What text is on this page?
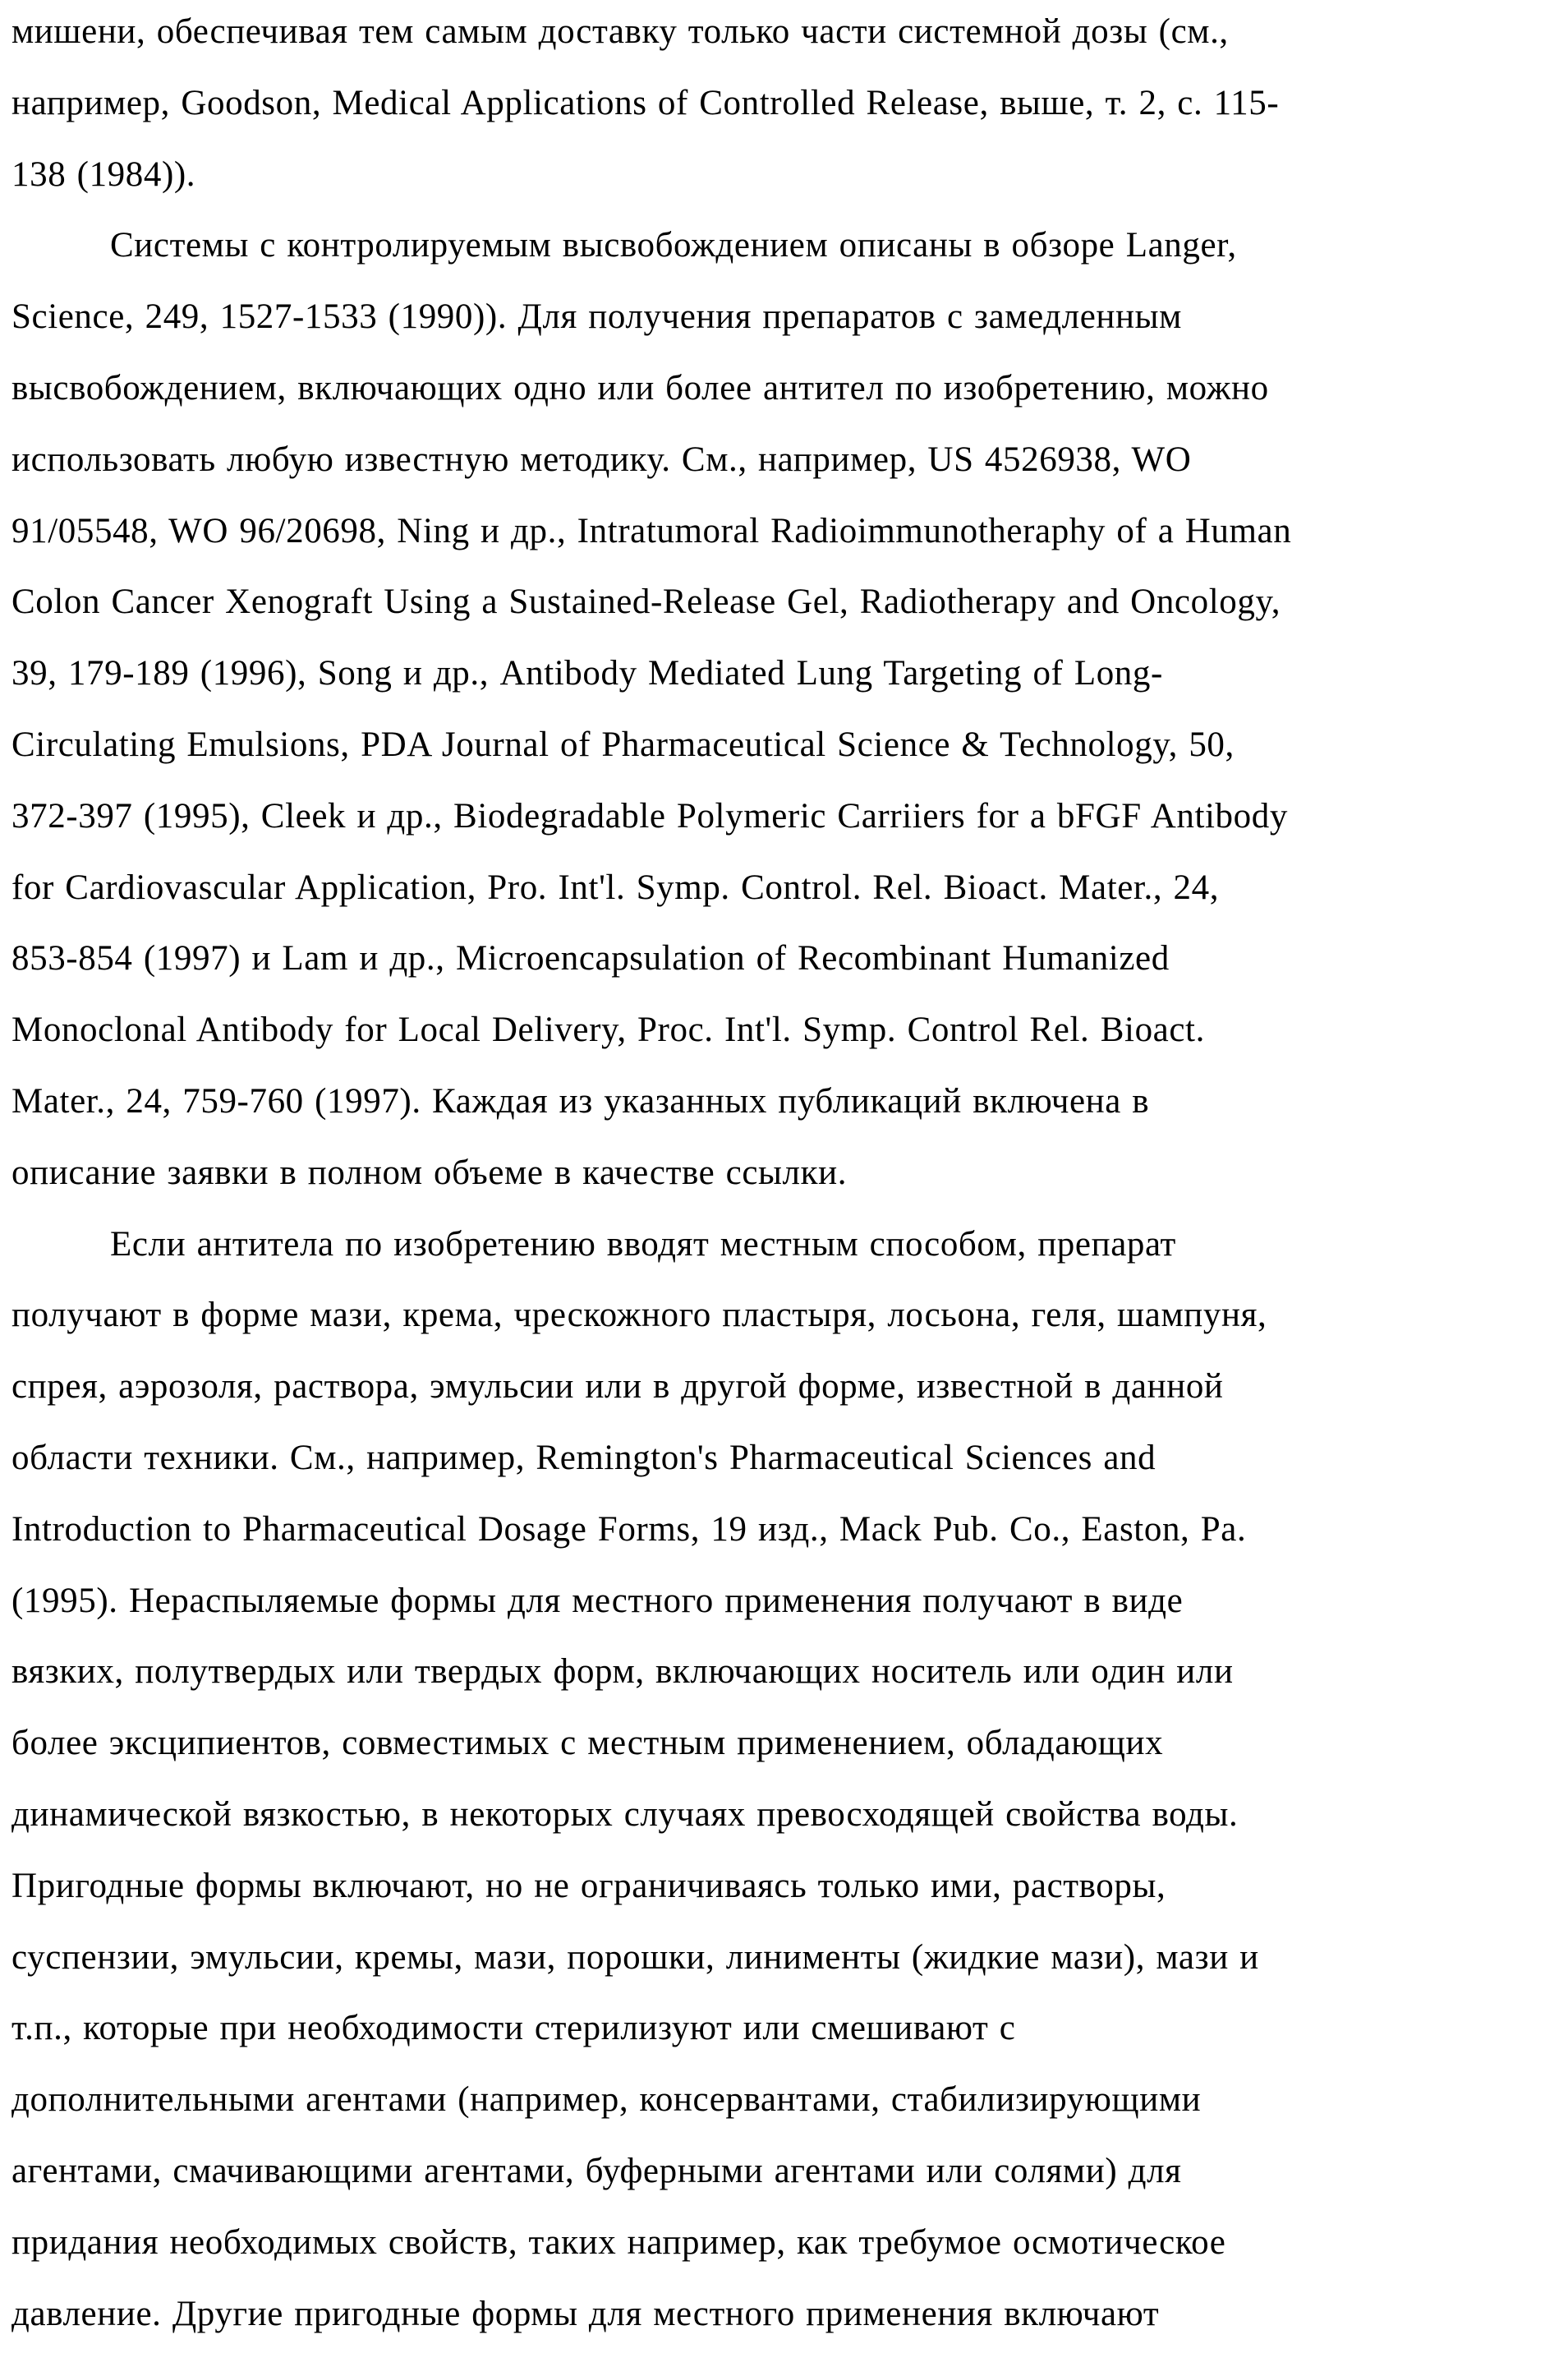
мишени, обеспечивая тем самым доставку только части системной дозы (см.,
например, Goodson, Medical Applications of Controlled Release, выше, т. 2, с. 115-
138 (1984)).
Системы с контролируемым высвобождением описаны в обзоре Langer,
Science, 249, 1527-1533 (1990)). Для получения препаратов с замедленным
высвобождением, включающих одно или более антител по изобретению, можно
использовать любую известную методику. См., например, US 4526938, WO
91/05548, WO 96/20698, Ning и др., Intratumoral Radioimmunotheraphy of a Human
Colon Cancer Xenograft Using a Sustained-Release Gel, Radiotherapy and Oncology,
39, 179-189 (1996), Song и др., Antibody Mediated Lung Targeting of Long-
Circulating Emulsions, PDA Journal of Pharmaceutical Science & Technology, 50,
372-397 (1995), Cleek и др., Biodegradable Polymeric Carriiers for a bFGF Antibody
for Cardiovascular Application, Pro. Int'l. Symp. Control. Rel. Bioact. Mater., 24,
853-854 (1997) и Lam и др., Microencapsulation of Recombinant Humanized
Monoclonal Antibody for Local Delivery, Proc. Int'l. Symp. Control Rel. Bioact.
Mater., 24, 759-760 (1997). Каждая из указанных публикаций включена в
описание заявки в полном объеме в качестве ссылки.
Если антитела по изобретению вводят местным способом, препарат
получают в форме мази, крема, чрескожного пластыря, лосьона, геля, шампуня,
спрея, аэрозоля, раствора, эмульсии или в другой форме, известной в данной
области техники. См., например, Remington's Pharmaceutical Sciences and
Introduction to Pharmaceutical Dosage Forms, 19 изд., Mack Pub. Co., Easton, Pa.
(1995). Нераспыляемые формы для местного применения получают в виде
вязких, полутвердых или твердых форм, включающих носитель или один или
более эксципиентов, совместимых с местным применением, обладающих
динамической вязкостью, в некоторых случаях превосходящей свойства воды.
Пригодные формы включают, но не ограничиваясь только ими, растворы,
суспензии, эмульсии, кремы, мази, порошки, линименты (жидкие мази), мази и
т.п., которые при необходимости стерилизуют или смешивают с
дополнительными агентами (например, консервантами, стабилизирующими
агентами, смачивающими агентами, буферными агентами или солями) для
придания необходимых свойств, таких например, как требумое осмотическое
давление. Другие пригодные формы для местного применения включают
